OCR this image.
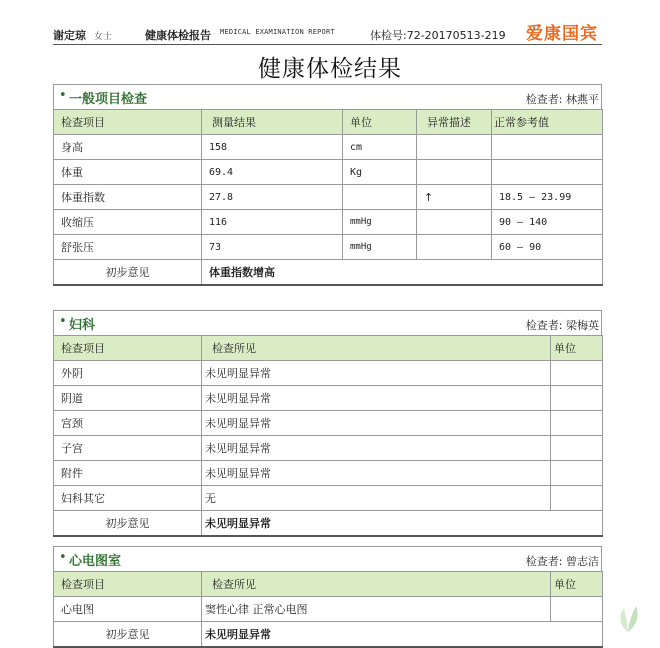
谢定琼 女士	健康体检报告 MEDICAL EXAMINATION REPORT	体检号:72-20170513-219 爱康国宾
健康体检结果
• 一般项目检查	检查者: 林燕平
检查项目	测量结果	单位	异常描述	正常参考值
身高	158	cm		
体重	69.4	Kg		
体重指数	27.8		↑	18.5 — 23.99
收缩压	116	mmHg		90 — 140
舒张压	73	mmHg		60 — 90
初步意见	体重指数增高			
• 妇科	检查者: 梁梅英
检查项目	检查所见	单位
外阴	未见明显异常	
阴道	未见明显异常	
宫颈	未见明显异常	
子宫	未见明显异常	
附件	未见明显异常	
妇科其它	无	
初步意见	未见明显异常	
• 心电图室	检查者: 曾志洁
检查项目	检查所见	单位
心电图	窦性心律 正常心电图	
初步意见	未见明显异常	
